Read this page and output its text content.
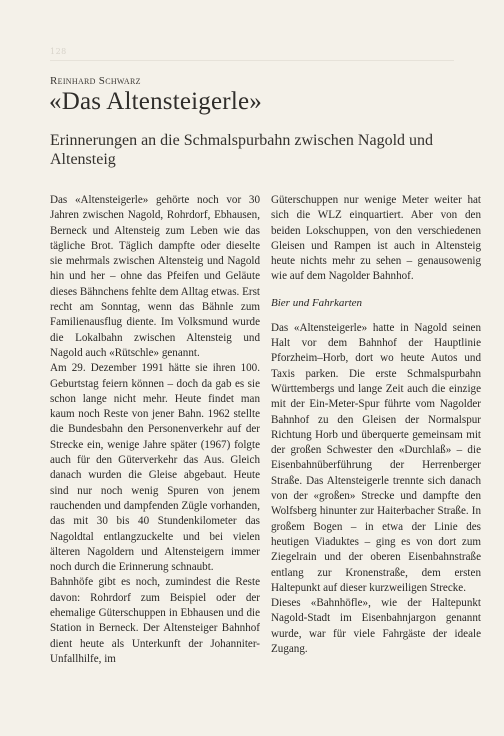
128
Reinhard Schwarz
«Das Altensteigerle»
Erinnerungen an die Schmalspurbahn zwischen Nagold und Altensteig

Das «Altensteigerle» gehörte noch vor 30 Jahren zwischen Nagold, Rohrdorf, Ebhausen, Berneck und Altensteig zum Leben wie das tägliche Brot. Täglich dampfte oder dieselte sie mehrmals zwischen Altensteig und Nagold hin und her – ohne das Pfeifen und Geläute dieses Bähnchens fehlte dem Alltag etwas. Erst recht am Sonntag, wenn das Bähnle zum Familienausflug diente. Im Volksmund wurde die Lokalbahn zwischen Altensteig und Nagold auch «Rütschle» genannt.

Am 29. Dezember 1991 hätte sie ihren 100. Geburtstag feiern können – doch da gab es sie schon lange nicht mehr. Heute findet man kaum noch Reste von jener Bahn. 1962 stellte die Bundesbahn den Personenverkehr auf der Strecke ein, wenige Jahre später (1967) folgte auch für den Güterverkehr das Aus. Gleich danach wurden die Gleise abgebaut. Heute sind nur noch wenig Spuren von jenem rauchenden und dampfenden Zügle vorhanden, das mit 30 bis 40 Stundenkilometer das Nagoldtal entlangzuckelte und bei vielen älteren Nagoldern und Altensteigern immer noch durch die Erinnerung schnaubt.

Bahnhöfe gibt es noch, zumindest die Reste davon: Rohrdorf zum Beispiel oder der ehemalige Güterschuppen in Ebhausen und die Station in Berneck. Der Altensteiger Bahnhof dient heute als Unterkunft der Johanniter-Unfallhilfe, im

Güterschuppen nur wenige Meter weiter hat sich die WLZ einquartiert. Aber von den beiden Lokschuppen, von den verschiedenen Gleisen und Rampen ist auch in Altensteig heute nichts mehr zu sehen – genausowenig wie auf dem Nagolder Bahnhof.

Bier und Fahrkarten

Das «Altensteigerle» hatte in Nagold seinen Halt vor dem Bahnhof der Hauptlinie Pforzheim–Horb, dort wo heute Autos und Taxis parken. Die erste Schmalspurbahn Württembergs und lange Zeit auch die einzige mit der Ein-Meter-Spur führte vom Nagolder Bahnhof zu den Gleisen der Normalspur Richtung Horb und überquerte gemeinsam mit der großen Schwester den «Durchlaß» – die Eisenbahnüberführung der Herrenberger Straße. Das Altensteigerle trennte sich danach von der «großen» Strecke und dampfte den Wolfsberg hinunter zur Haiterbacher Straße. In großem Bogen – in etwa der Linie des heutigen Viaduktes – ging es von dort zum Ziegelrain und der oberen Eisenbahnstraße entlang zur Kronenstraße, dem ersten Haltepunkt auf dieser kurzweiligen Strecke.

Dieses «Bahnhöfle», wie der Haltepunkt Nagold-Stadt im Eisenbahnjargon genannt wurde, war für viele Fahrgäste der ideale Zugang.
